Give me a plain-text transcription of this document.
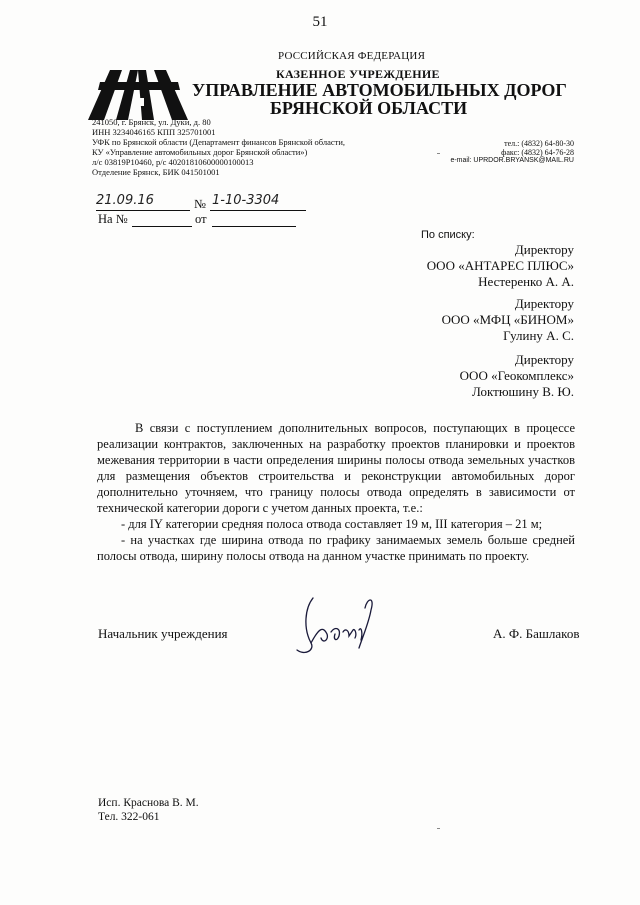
51
РОССИЙСКАЯ ФЕДЕРАЦИЯ
КАЗЕННОЕ УЧРЕЖДЕНИЕ
УПРАВЛЕНИЕ АВТОМОБИЛЬНЫХ ДОРОГ
БРЯНСКОЙ ОБЛАСТИ
241050, г. Брянск, ул. Дуки, д. 80
ИНН 3234046165 КПП 325701001
УФК по Брянской области (Департамент финансов Брянской области,
КУ «Управление автомобильных дорог Брянской области»)
л/с 03819Р10460, р/с 40201810600000100013
Отделение Брянск, БИК 041501001
тел.: (4832) 64-80-30
факс: (4832) 64-76-28
e-mail: UPRDOR.BRYANSK@MAIL.RU
21.09.16	№ 1-10-3304
На №	от
По списку:
Директору
ООО «АНТАРЕС ПЛЮС»
Нестеренко А. А.
Директору
ООО «МФЦ «БИНОМ»
Гулину А. С.
Директору
ООО «Геокомплекс»
Локтюшину В. Ю.
В связи с поступлением дополнительных вопросов, поступающих в процессе реализации контрактов, заключенных на разработку проектов планировки и проектов межевания территории в части определения ширины полосы отвода земельных участков для размещения объектов строительства и реконструкции автомобильных дорог дополнительно уточняем, что границу полосы отвода определять в зависимости от технической категории дороги с учетом данных проекта, т.е.:
- для IY категории средняя полоса отвода составляет 19 м, III категория – 21 м;
- на участках где ширина отвода по графику занимаемых земель больше средней полосы отвода, ширину полосы отвода на данном участке принимать по проекту.
Начальник учреждения	А. Ф. Башлаков
Исп. Краснова В. М.
Тел. 322-061
